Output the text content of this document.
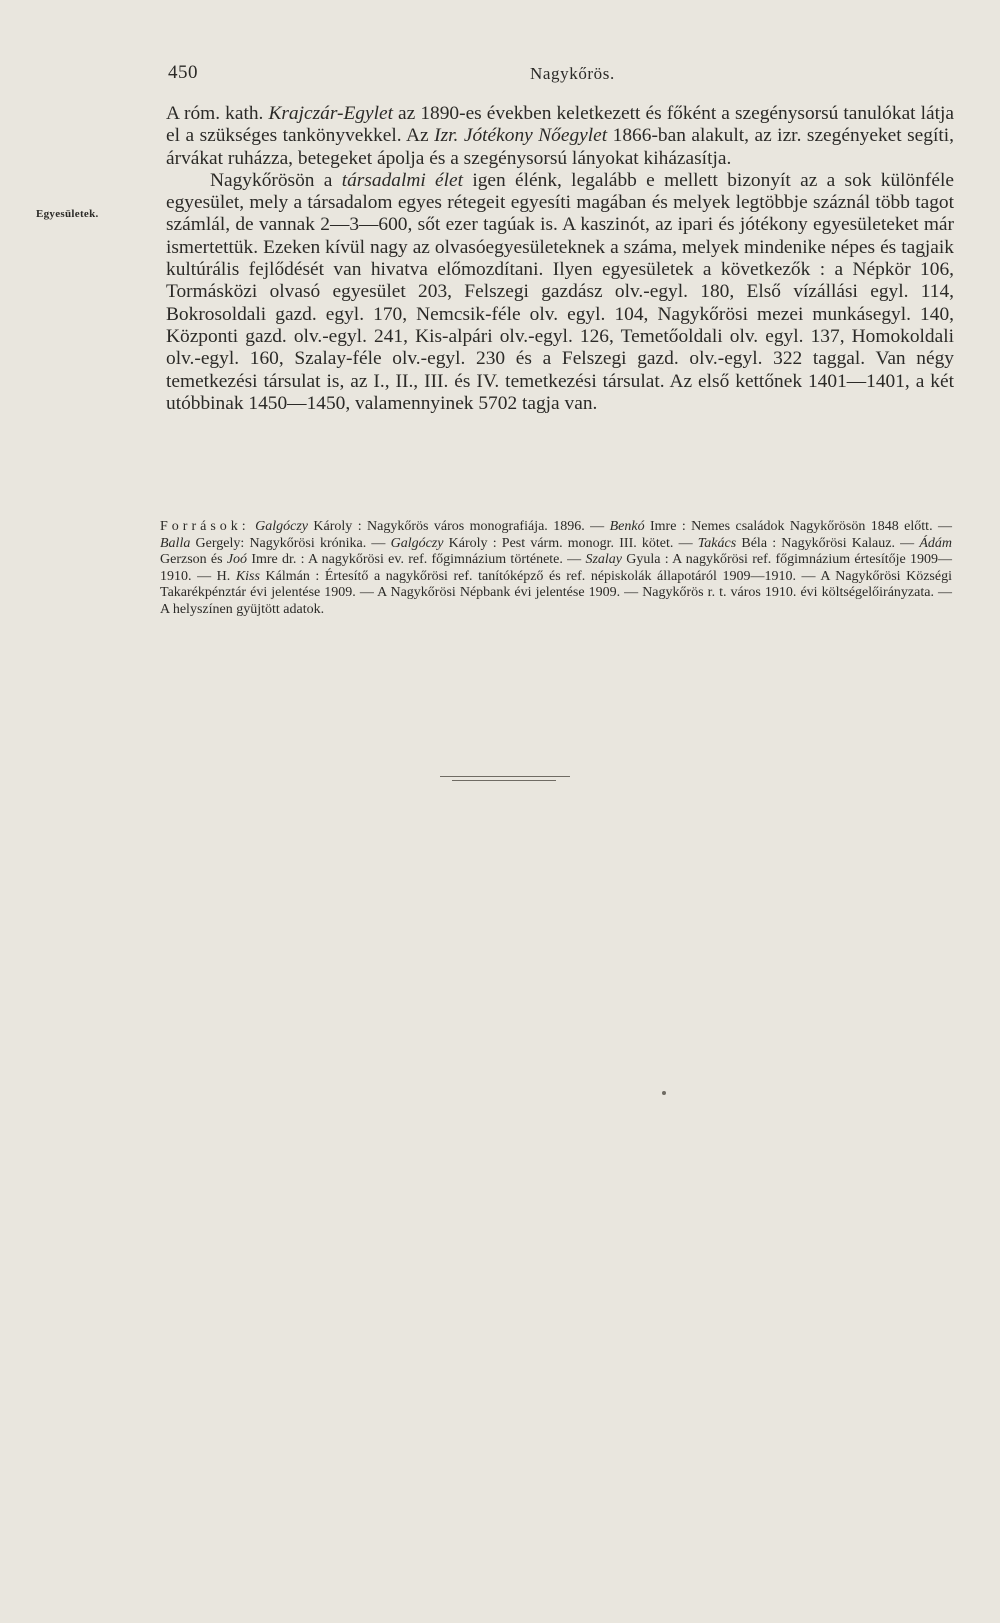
450	Nagykőrös.
Egyesületek.

A róm. kath. Krajczár-Egylet az 1890-es években keletkezett és főként a szegénysorsú tanulókat látja el a szükséges tankönyvekkel. Az Izr. Jótékony Nőegylet 1866-ban alakult, az izr. szegényeket segíti, árvákat ruházza, betegeket ápolja és a szegénysorsú lányokat kiházasítja.

Nagykőrösön a társadalmi élet igen élénk, legalább e mellett bizonyít az a sok különféle egyesület, mely a társadalom egyes rétegeit egyesíti magában és melyek legtöbbje száznál több tagot számlál, de vannak 2—3—600, sőt ezer tagúak is. A kaszinót, az ipari és jótékony egyesületeket már ismertettük. Ezeken kívül nagy az olvasóegyesületeknek a száma, melyek mindenike népes és tagjaik kultúrális fejlődését van hivatva előmozdítani. Ilyen egyesületek a következők : a Népkör 106, Tormásközi olvasó egyesület 203, Felszegi gazdász olv.-egyl. 180, Első vízállási egyl. 114, Bokrosoldali gazd. egyl. 170, Nemcsik-féle olv. egyl. 104, Nagykőrösi mezei munkásegyl. 140, Központi gazd. olv.-egyl. 241, Kis-alpári olv.-egyl. 126, Temetőoldali olv. egyl. 137, Homokoldali olv.-egyl. 160, Szalay-féle olv.-egyl. 230 és a Felszegi gazd. olv.-egyl. 322 taggal. Van négy temetkezési társulat is, az I., II., III. és IV. temetkezési társulat. Az első kettőnek 1401—1401, a két utóbbinak 1450—1450, valamennyinek 5702 tagja van.

Források: Galgóczy Károly : Nagykőrös város monografiája. 1896. — Benkó Imre : Nemes családok Nagykőrösön 1848 előtt. — Balla Gergely: Nagykőrösi krónika. — Galgóczy Károly : Pest várm. monogr. III. kötet. — Takács Béla : Nagykőrösi Kalauz. — Ádám Gerzson és Joó Imre dr. : A nagykőrösi ev. ref. főgimnázium története. — Szalay Gyula : A nagykőrösi ref. főgimnázium értesítője 1909—1910. — H. Kiss Kálmán : Értesítő a nagykőrösi ref. tanítóképző és ref. népiskolák állapotáról 1909—1910. — A Nagykőrösi Községi Takarékpénztár évi jelentése 1909. — A Nagykőrösi Népbank évi jelentése 1909. — Nagykőrös r. t. város 1910. évi költségelőirányzata. — A helyszínen gyüjtött adatok.
